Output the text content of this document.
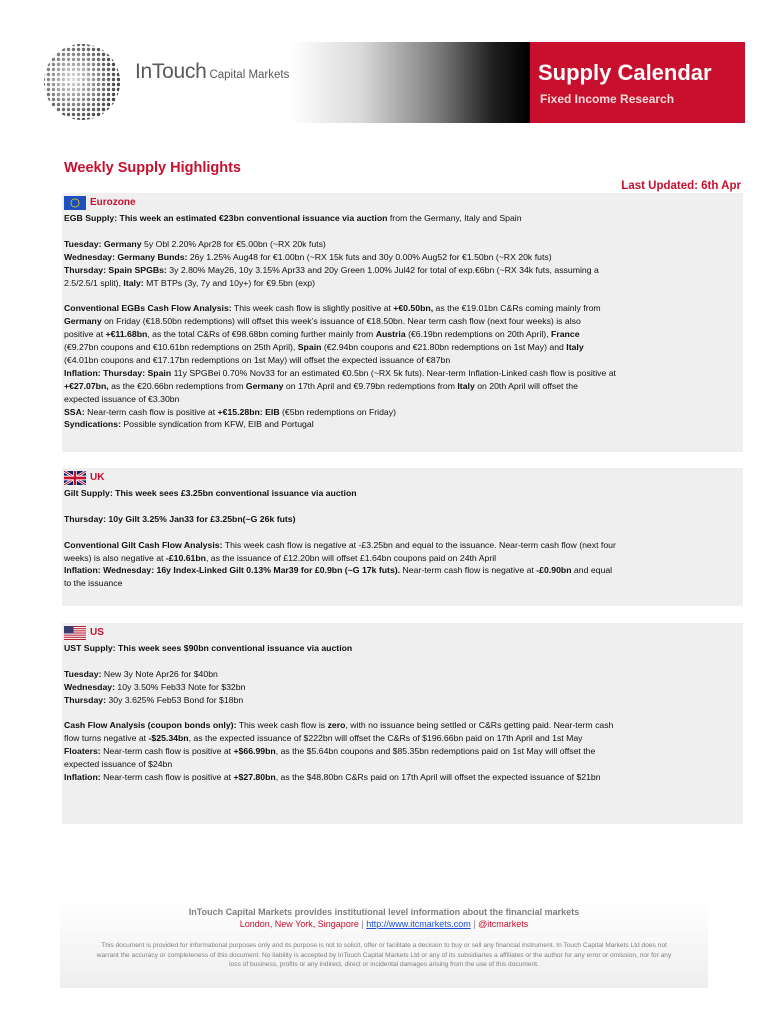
InTouch Capital Markets	Supply Calendar
Fixed Income Research
Weekly Supply Highlights
Last Updated: 6th Apr
Eurozone
EGB Supply: This week an estimated €23bn conventional issuance via auction from the Germany, Italy and Spain
Tuesday: Germany 5y Obl 2.20% Apr28 for €5.00bn (~RX 20k futs)
Wednesday: Germany Bunds: 26y 1.25% Aug48 for €1.00bn (~RX 15k futs and 30y 0.00% Aug52 for €1.50bn (~RX 20k futs)
Thursday: Spain SPGBs: 3y 2.80% May26, 10y 3.15% Apr33 and 20y Green 1.00% Jul42 for total of exp.€6bn (~RX 34k futs, assuming a
2.5/2.5/1 split), Italy: MT BTPs (3y, 7y and 10y+) for €9.5bn (exp)
Conventional EGBs Cash Flow Analysis: This week cash flow is slightly positive at +€0.50bn, as the €19.01bn C&Rs coming mainly from
Germany on Friday (€18.50bn redemptions) will offset this week’s issuance of €18.50bn. Near term cash flow (next four weeks) is also
positive at +€11.68bn, as the total C&Rs of €98.68bn coming further mainly from Austria (€6.19bn redemptions on 20th April), France
(€9.27bn coupons and €10.61bn redemptions on 25th April), Spain (€2.94bn coupons and €21.80bn redemptions on 1st May) and Italy
(€4.01bn coupons and €17.17bn redemptions on 1st May) will offset the expected issuance of €87bn
Inflation: Thursday: Spain 11y SPGBei 0.70% Nov33 for an estimated €0.5bn (~RX 5k futs). Near-term Inflation-Linked cash flow is positive at
+€27.07bn, as the €20.66bn redemptions from Germany on 17th April and €9.79bn redemptions from Italy on 20th April will offset the
expected issuance of €3.30bn
SSA: Near-term cash flow is positive at +€15.28bn: EIB (€5bn redemptions on Friday)
Syndications: Possible syndication from KFW, EIB and Portugal
UK
Gilt Supply: This week sees £3.25bn conventional issuance via auction
Thursday: 10y Gilt 3.25% Jan33 for £3.25bn(~G 26k futs)
Conventional Gilt Cash Flow Analysis: This week cash flow is negative at -£3.25bn and equal to the issuance. Near-term cash flow (next four
weeks) is also negative at -£10.61bn, as the issuance of £12.20bn will offset £1.64bn coupons paid on 24th April
Inflation: Wednesday: 16y Index-Linked Gilt 0.13% Mar39 for £0.9bn (~G 17k futs). Near-term cash flow is negative at -£0.90bn and equal
to the issuance
US
UST Supply: This week sees $90bn conventional issuance via auction
Tuesday: New 3y Note Apr26 for $40bn
Wednesday: 10y 3.50% Feb33 Note for $32bn
Thursday: 30y 3.625% Feb53 Bond for $18bn
Cash Flow Analysis (coupon bonds only): This week cash flow is zero, with no issuance being settled or C&Rs getting paid. Near-term cash
flow turns negative at -$25.34bn, as the expected issuance of $222bn will offset the C&Rs of $196.66bn paid on 17th April and 1st May
Floaters: Near-term cash flow is positive at +$66.99bn, as the $5.64bn coupons and $85.35bn redemptions paid on 1st May will offset the
expected issuance of $24bn
Inflation: Near-term cash flow is positive at +$27.80bn, as the $48.80bn C&Rs paid on 17th April will offset the expected issuance of $21bn
InTouch Capital Markets provides institutional level information about the financial markets
London, New York, Singapore | http://www.itcmarkets.com | @itcmarkets
This document is provided for informational purposes only and its purpose is not to solicit, offer or facilitate a decision to buy or sell any financial instrument. In Touch Capital Markets Ltd does not warrant the accuracy or completeness of this document. No liability is accepted by InTouch Capital Markets Ltd or any of its subsidiaries a affiliates or the author for any error or omission, nor for any loss of business, profits or any indirect, direct or incidental damages arising from the use of this document.
